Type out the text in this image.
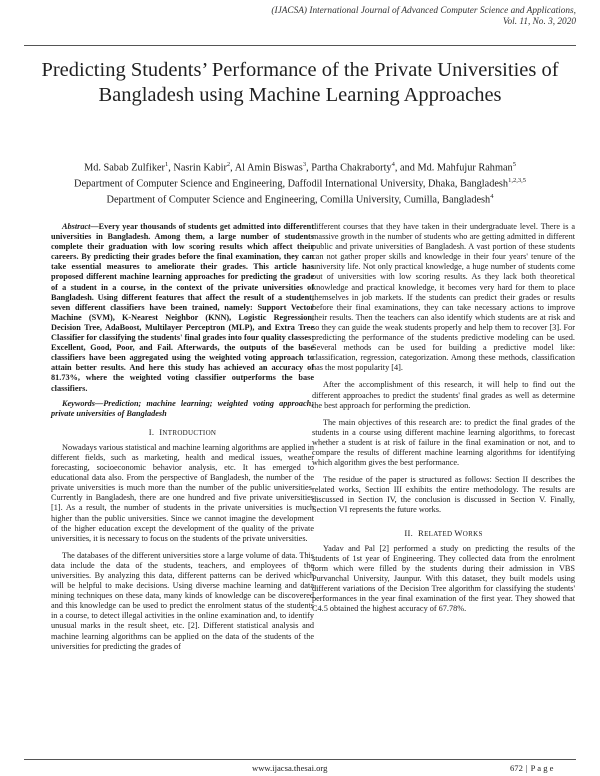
(IJACSA) International Journal of Advanced Computer Science and Applications,
Vol. 11, No. 3, 2020
Predicting Students’ Performance of the Private Universities of Bangladesh using Machine Learning Approaches
Md. Sabab Zulfiker$^1$, Nasrin Kabir$^2$, Al Amin Biswas$^3$, Partha Chakraborty$^4$, and Md. Mahfujur Rahman$^5$
Department of Computer Science and Engineering, Daffodil International University, Dhaka, Bangladesh$^{1,2,3,5}$
Department of Computer Science and Engineering, Comilla University, Cumilla, Bangladesh$^4$

Abstract—Every year thousands of students get admitted into different universities in Bangladesh. Among them, a large number of students complete their graduation with low scoring results which affect their careers. By predicting their grades before the final examination, they can take essential measures to ameliorate their grades. This article has proposed different machine learning approaches for predicting the grade of a student in a course, in the context of the private universities of Bangladesh. Using different features that affect the result of a student, seven different classifiers have been trained, namely: Support Vector Machine (SVM), K-Nearest Neighbor (KNN), Logistic Regression, Decision Tree, AdaBoost, Multilayer Perceptron (MLP), and Extra Tree Classifier for classifying the students' final grades into four quality classes: Excellent, Good, Poor, and Fail. Afterwards, the outputs of the base classifiers have been aggregated using the weighted voting approach to attain better results. And here this study has achieved an accuracy of 81.73%, where the weighted voting classifier outperforms the base classifiers.

Keywords—Prediction; machine learning; weighted voting approach; private universities of Bangladesh

I. INTRODUCTION

Nowadays various statistical and machine learning algorithms are applied in different fields, such as marketing, health and medical issues, weather forecasting, socioeconomic behavior analysis, etc. It has emerged to educational data also. From the perspective of Bangladesh, the number of the private universities is much more than the number of the public universities. Currently in Bangladesh, there are one hundred and five private universities [1]. As a result, the number of students in the private universities is much higher than the public universities. Since we cannot imagine the development of the higher education except the development of the quality of the private universities, it is necessary to focus on the students of the private universities.

The databases of the different universities store a large volume of data. This data include the data of the students, teachers, and employees of the universities. By analyzing this data, different patterns can be derived which will be helpful to make decisions. Using diverse machine learning and data mining techniques on these data, many kinds of knowledge can be discovered and this knowledge can be used to predict the enrolment status of the students in a course, to detect illegal activities in the online examination and, to identify unusual marks in the result sheet, etc. [2]. Different statistical analysis and machine learning algorithms can be applied on the data of the students of the universities for predicting the grades of

different courses that they have taken in their undergraduate level. There is a massive growth in the number of students who are getting admitted in different public and private universities of Bangladesh. A vast portion of these students can not gather proper skills and knowledge in their four years' tenure of the university life. Not only practical knowledge, a huge number of students come out of universities with low scoring results. As they lack both theoretical knowledge and practical knowledge, it becomes very hard for them to place themselves in job markets. If the students can predict their grades or results before their final examinations, they can take necessary actions to improve their results. Then the teachers can also identify which students are at risk and so they can guide the weak students properly and help them to recover [3]. For predicting the performance of the students predictive modeling can be used. Several methods can be used for building a predictive model like: classification, regression, categorization. Among these methods, classification has the most popularity [4].

After the accomplishment of this research, it will help to find out the different approaches to predict the students' final grades as well as determine the best approach for performing the prediction.

The main objectives of this research are: to predict the final grades of the students in a course using different machine learning algorithms, to forecast whether a student is at risk of failure in the final examination or not, and to compare the results of different machine learning algorithms for identifying which algorithm gives the best performance.

The residue of the paper is structured as follows: Section II describes the related works, Section III exhibits the entire methodology. The results are discussed in Section IV, the conclusion is discussed in Section V. Finally, Section VI represents the future works.

II. RELATED WORKS

Yadav and Pal [2] performed a study on predicting the results of the students of 1st year of Engineering. They collected data from the enrolment form which were filled by the students during their admission in VBS Purvanchal University, Jaunpur. With this dataset, they built models using different variations of the Decision Tree algorithm for classifying the students' performances in the year final examination of the first year. They showed that C4.5 obtained the highest accuracy of 67.78%.

www.ijacsa.thesai.org	672 | P a g e
